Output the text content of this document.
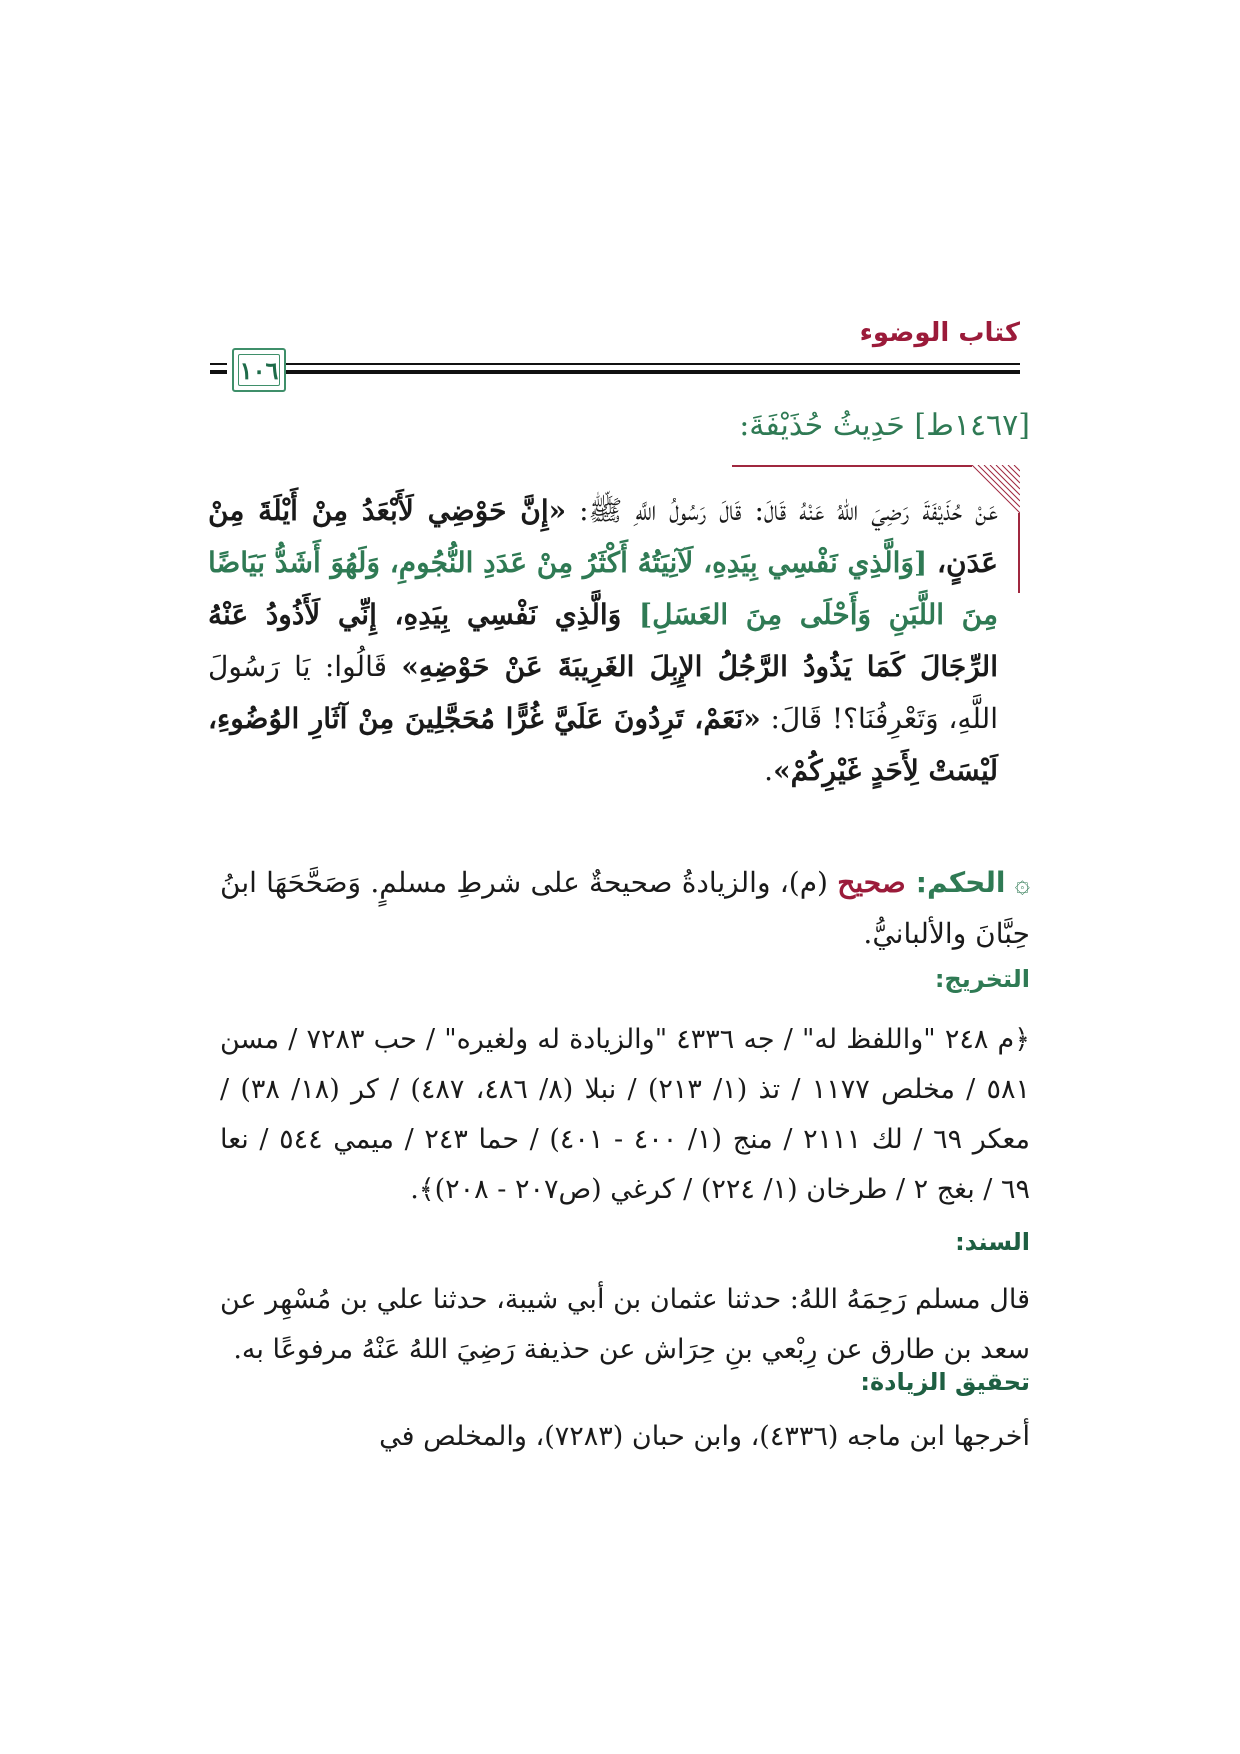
كتاب الوضوء
١٠٦
[١٤٦٧ط] حَدِيثُ حُذَيْفَةَ:
عَنْ حُذَيْفَةَ رَضِيَ اللهُ عَنْهُ قَالَ: قَالَ رَسُولُ اللَّهِ ﷺ: «إِنَّ حَوْضِي لَأَبْعَدُ مِنْ أَيْلَةَ مِنْ عَدَنٍ، [وَالَّذِي نَفْسِي بِيَدِهِ، لَآنِيَتُهُ أَكْثَرُ مِنْ عَدَدِ النُّجُومِ، وَلَهُوَ أَشَدُّ بَيَاضًا مِنَ اللَّبَنِ وَأَحْلَى مِنَ العَسَلِ] وَالَّذِي نَفْسِي بِيَدِهِ، إِنِّي لَأَذُودُ عَنْهُ الرِّجَالَ كَمَا يَذُودُ الرَّجُلُ الإِبِلَ الغَرِيبَةَ عَنْ حَوْضِهِ» قَالُوا: يَا رَسُولَ اللَّهِ، وَتَعْرِفُنَا؟! قَالَ: «نَعَمْ، تَرِدُونَ عَلَيَّ غُرًّا مُحَجَّلِينَ مِنْ آثَارِ الوُضُوءِ، لَيْسَتْ لِأَحَدٍ غَيْرِكُمْ».
۞ الحكم: صحيح (م)، والزيادةُ صحيحةٌ على شرطِ مسلمٍ. وَصَحَّحَهَا ابنُ حِبَّانَ والألبانيُّ.
التخريج:
﴿م ٢٤٨ "واللفظ له" / جه ٤٣٣٦ "والزيادة له ولغيره" / حب ٧٢٨٣ / مسن ٥٨١ / مخلص ١١٧٧ / تذ (١/ ٢١٣) / نبلا (٨/ ٤٨٦، ٤٨٧) / كر (١٨/ ٣٨) / معكر ٦٩ / لك ٢١١١ / منج (١/ ٤٠٠ - ٤٠١) / حما ٢٤٣ / ميمي ٥٤٤ / نعا ٦٩ / بغج ٢ / طرخان (١/ ٢٢٤) / كرغي (ص٢٠٧ - ٢٠٨)﴾.
السند:
قال مسلم رَحِمَهُ اللهُ: حدثنا عثمان بن أبي شيبة، حدثنا علي بن مُسْهِر عن سعد بن طارق عن رِبْعي بنِ حِرَاش عن حذيفة رَضِيَ اللهُ عَنْهُ مرفوعًا به.
تحقيق الزيادة:
أخرجها ابن ماجه (٤٣٣٦)، وابن حبان (٧٢٨٣)، والمخلص في
